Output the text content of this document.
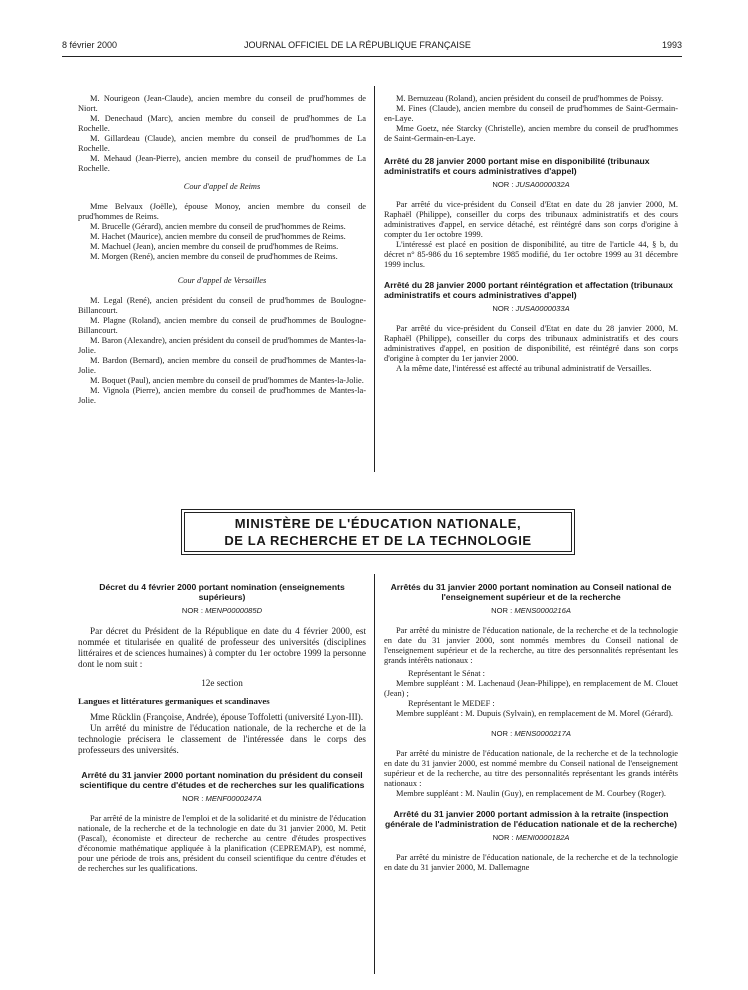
8 février 2000	JOURNAL OFFICIEL DE LA RÉPUBLIQUE FRANÇAISE	1993

M. Nourigeon (Jean-Claude), ancien membre du conseil de prud'hommes de Niort.

M. Denechaud (Marc), ancien membre du conseil de prud'hommes de La Rochelle.

M. Gillardeau (Claude), ancien membre du conseil de prud'hommes de La Rochelle.

M. Mehaud (Jean-Pierre), ancien membre du conseil de prud'hommes de La Rochelle.

Cour d'appel de Reims

Mme Belvaux (Joëlle), épouse Monoy, ancien membre du conseil de prud'hommes de Reims.

M. Brucelle (Gérard), ancien membre du conseil de prud'hommes de Reims.

M. Hachet (Maurice), ancien membre du conseil de prud'hommes de Reims.

M. Machuel (Jean), ancien membre du conseil de prud'hommes de Reims.

M. Morgen (René), ancien membre du conseil de prud'hommes de Reims.

Cour d'appel de Versailles

M. Legal (René), ancien président du conseil de prud'hommes de Boulogne-Billancourt.

M. Plagne (Roland), ancien membre du conseil de prud'hommes de Boulogne-Billancourt.

M. Baron (Alexandre), ancien président du conseil de prud'hommes de Mantes-la-Jolie.

M. Bardon (Bernard), ancien membre du conseil de prud'hommes de Mantes-la-Jolie.

M. Boquet (Paul), ancien membre du conseil de prud'hommes de Mantes-la-Jolie.

M. Vignola (Pierre), ancien membre du conseil de prud'hommes de Mantes-la-Jolie.

M. Bernuzeau (Roland), ancien président du conseil de prud'hommes de Poissy.

M. Fines (Claude), ancien membre du conseil de prud'hommes de Saint-Germain-en-Laye.

Mme Goetz, née Starcky (Christelle), ancien membre du conseil de prud'hommes de Saint-Germain-en-Laye.

Arrêté du 28 janvier 2000 portant mise en disponibilité (tribunaux administratifs et cours administratives d'appel)

NOR : JUSA0000032A

Par arrêté du vice-président du Conseil d'Etat en date du 28 janvier 2000, M. Raphaël (Philippe), conseiller du corps des tribunaux administratifs et des cours administratives d'appel, en service détaché, est réintégré dans son corps d'origine à compter du 1er octobre 1999.

L'intéressé est placé en position de disponibilité, au titre de l'article 44, § b, du décret n° 85-986 du 16 septembre 1985 modifié, du 1er octobre 1999 au 31 décembre 1999 inclus.

Arrêté du 28 janvier 2000 portant réintégration et affectation (tribunaux administratifs et cours administratives d'appel)

NOR : JUSA0000033A

Par arrêté du vice-président du Conseil d'Etat en date du 28 janvier 2000, M. Raphaël (Philippe), conseiller du corps des tribunaux administratifs et des cours administratives d'appel, en position de disponibilité, est réintégré dans son corps d'origine à compter du 1er janvier 2000.

A la même date, l'intéressé est affecté au tribunal administratif de Versailles.

MINISTÈRE DE L'ÉDUCATION NATIONALE,
DE LA RECHERCHE ET DE LA TECHNOLOGIE

Décret du 4 février 2000 portant nomination (enseignements supérieurs)

NOR : MENP0000085D

Par décret du Président de la République en date du 4 février 2000, est nommée et titularisée en qualité de professeur des universités (disciplines littéraires et de sciences humaines) à compter du 1er octobre 1999 la personne dont le nom suit :

12e section

Langues et littératures germaniques et scandinaves

Mme Rücklin (Françoise, Andrée), épouse Toffoletti (université Lyon-III).

Un arrêté du ministre de l'éducation nationale, de la recherche et de la technologie précisera le classement de l'intéressée dans le corps des professeurs des universités.

Arrêté du 31 janvier 2000 portant nomination du président du conseil scientifique du centre d'études et de recherches sur les qualifications

NOR : MENF0000247A

Par arrêté de la ministre de l'emploi et de la solidarité et du ministre de l'éducation nationale, de la recherche et de la technologie en date du 31 janvier 2000, M. Petit (Pascal), économiste et directeur de recherche au centre d'études prospectives d'économie mathématique appliquée à la planification (CEPREMAP), est nommé, pour une période de trois ans, président du conseil scientifique du centre d'études et de recherches sur les qualifications.

Arrêtés du 31 janvier 2000 portant nomination au Conseil national de l'enseignement supérieur et de la recherche

NOR : MENS0000216A

Par arrêté du ministre de l'éducation nationale, de la recherche et de la technologie en date du 31 janvier 2000, sont nommés membres du Conseil national de l'enseignement supérieur et de la recherche, au titre des personnalités représentant les grands intérêts nationaux :

Représentant le Sénat :

Membre suppléant : M. Lachenaud (Jean-Philippe), en remplacement de M. Clouet (Jean) ;

Représentant le MEDEF :

Membre suppléant : M. Dupuis (Sylvain), en remplacement de M. Morel (Gérard).

NOR : MENS0000217A

Par arrêté du ministre de l'éducation nationale, de la recherche et de la technologie en date du 31 janvier 2000, est nommé membre du Conseil national de l'enseignement supérieur et de la recherche, au titre des personnalités représentant les grands intérêts nationaux :

Membre suppléant : M. Naulin (Guy), en remplacement de M. Courbey (Roger).

Arrêté du 31 janvier 2000 portant admission à la retraite (inspection générale de l'administration de l'éducation nationale et de la recherche)

NOR : MENI0000182A

Par arrêté du ministre de l'éducation nationale, de la recherche et de la technologie en date du 31 janvier 2000, M. Dallemagne
